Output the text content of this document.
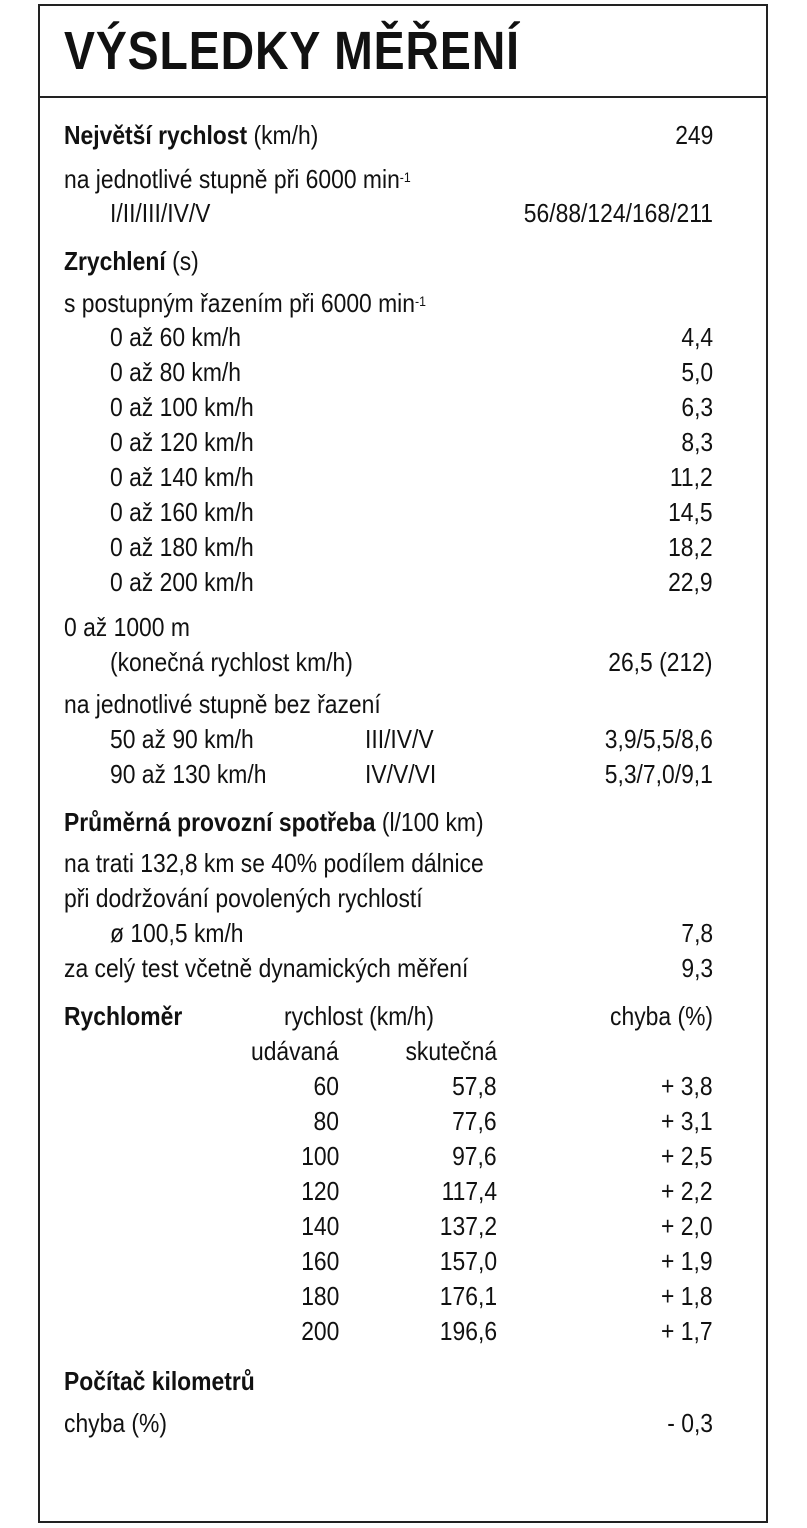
VÝSLEDKY MĚŘENÍ
Největší rychlost (km/h)	249
na jednotlivé stupně při 6000 $\min^{-1}$
I/II/III/IV/V	56/88/124/168/211
Zrychlení (s)
s postupným řazením při 6000 $\min^{-1}$
0 až 60 km/h	4,4
0 až 80 km/h	5,0
0 až 100 km/h	6,3
0 až 120 km/h	8,3
0 až 140 km/h	11,2
0 až 160 km/h	14,5
0 až 180 km/h	18,2
0 až 200 km/h	22,9
0 až 1000 m
(konečná rychlost km/h)	26,5 (212)
na jednotlivé stupně bez řazení
50 až 90 km/h	III/IV/V	3,9/5,5/8,6
90 až 130 km/h	IV/V/VI	5,3/7,0/9,1
Průměrná provozní spotřeba (l/100 km)
na trati 132,8 km se 40% podílem dálnice
při dodržování povolených rychlostí
ø 100,5 km/h	7,8
za celý test včetně dynamických měření	9,3
Rychloměr	rychlost (km/h)	chyba (%)
udávaná	skutečná
60	57,8	+ 3,8
80	77,6	+ 3,1
100	97,6	+ 2,5
120	117,4	+ 2,2
140	137,2	+ 2,0
160	157,0	+ 1,9
180	176,1	+ 1,8
200	196,6	+ 1,7
Počítač kilometrů
chyba (%)	- 0,3
